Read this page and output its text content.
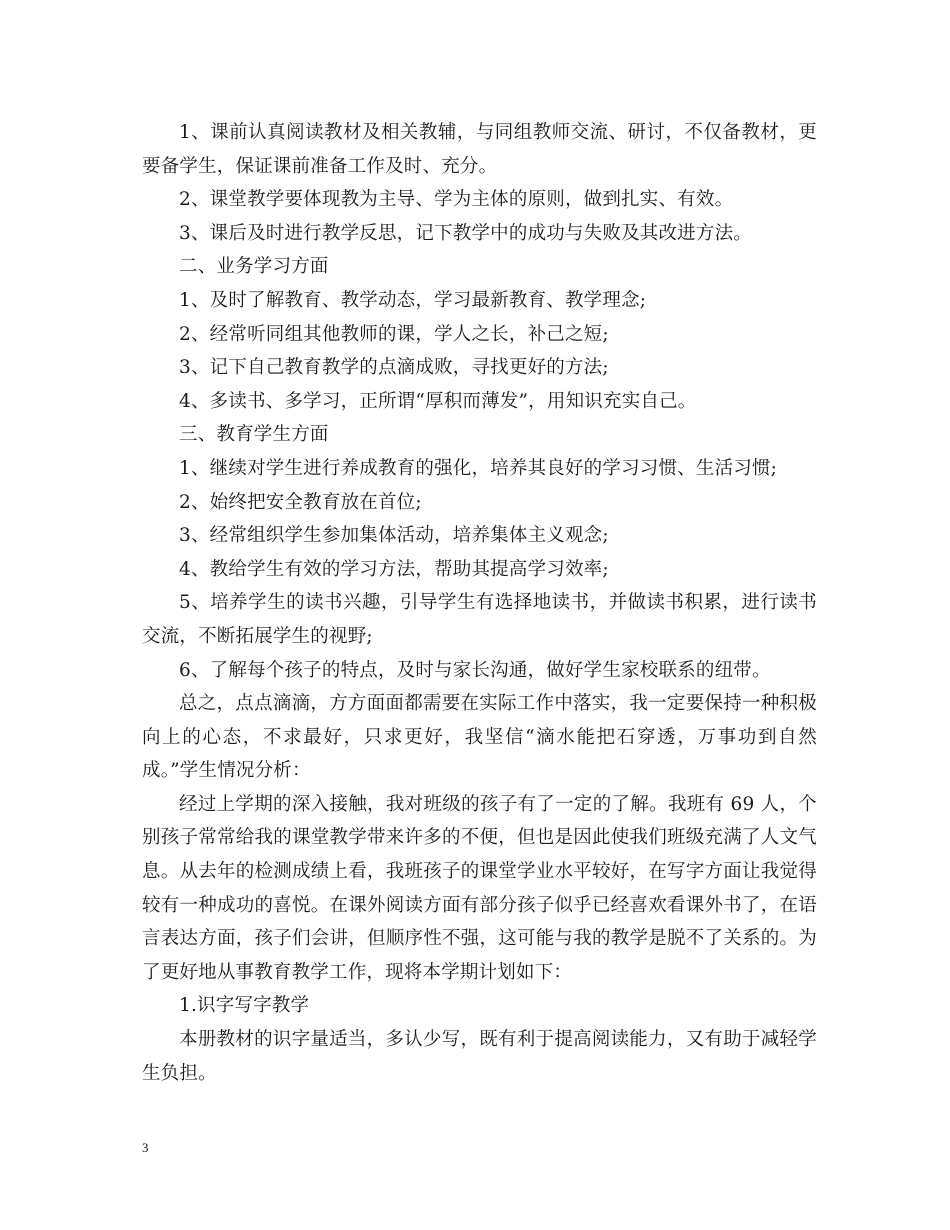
1、课前认真阅读教材及相关教辅，与同组教师交流、研讨，不仅备教材，更要备学生，保证课前准备工作及时、充分。

2、课堂教学要体现教为主导、学为主体的原则，做到扎实、有效。

3、课后及时进行教学反思，记下教学中的成功与失败及其改进方法。

二、业务学习方面

1、及时了解教育、教学动态，学习最新教育、教学理念;

2、经常听同组其他教师的课，学人之长，补己之短;

3、记下自己教育教学的点滴成败，寻找更好的方法;

4、多读书、多学习，正所谓“厚积而薄发”，用知识充实自己。

三、教育学生方面

1、继续对学生进行养成教育的强化，培养其良好的学习习惯、生活习惯;

2、始终把安全教育放在首位;

3、经常组织学生参加集体活动，培养集体主义观念;

4、教给学生有效的学习方法，帮助其提高学习效率;

5、培养学生的读书兴趣，引导学生有选择地读书，并做读书积累，进行读书交流，不断拓展学生的视野;

6、了解每个孩子的特点，及时与家长沟通，做好学生家校联系的纽带。

总之，点点滴滴，方方面面都需要在实际工作中落实，我一定要保持一种积极向上的心态，不求最好，只求更好，我坚信“滴水能把石穿透，万事功到自然成。”学生情况分析：

经过上学期的深入接触，我对班级的孩子有了一定的了解。我班有 69 人，个别孩子常常给我的课堂教学带来许多的不便，但也是因此使我们班级充满了人文气息。从去年的检测成绩上看，我班孩子的课堂学业水平较好，在写字方面让我觉得较有一种成功的喜悦。在课外阅读方面有部分孩子似乎已经喜欢看课外书了，在语言表达方面，孩子们会讲，但顺序性不强，这可能与我的教学是脱不了关系的。为了更好地从事教育教学工作，现将本学期计划如下：

1.识字写字教学

本册教材的识字量适当，多认少写，既有利于提高阅读能力，又有助于减轻学生负担。

3
